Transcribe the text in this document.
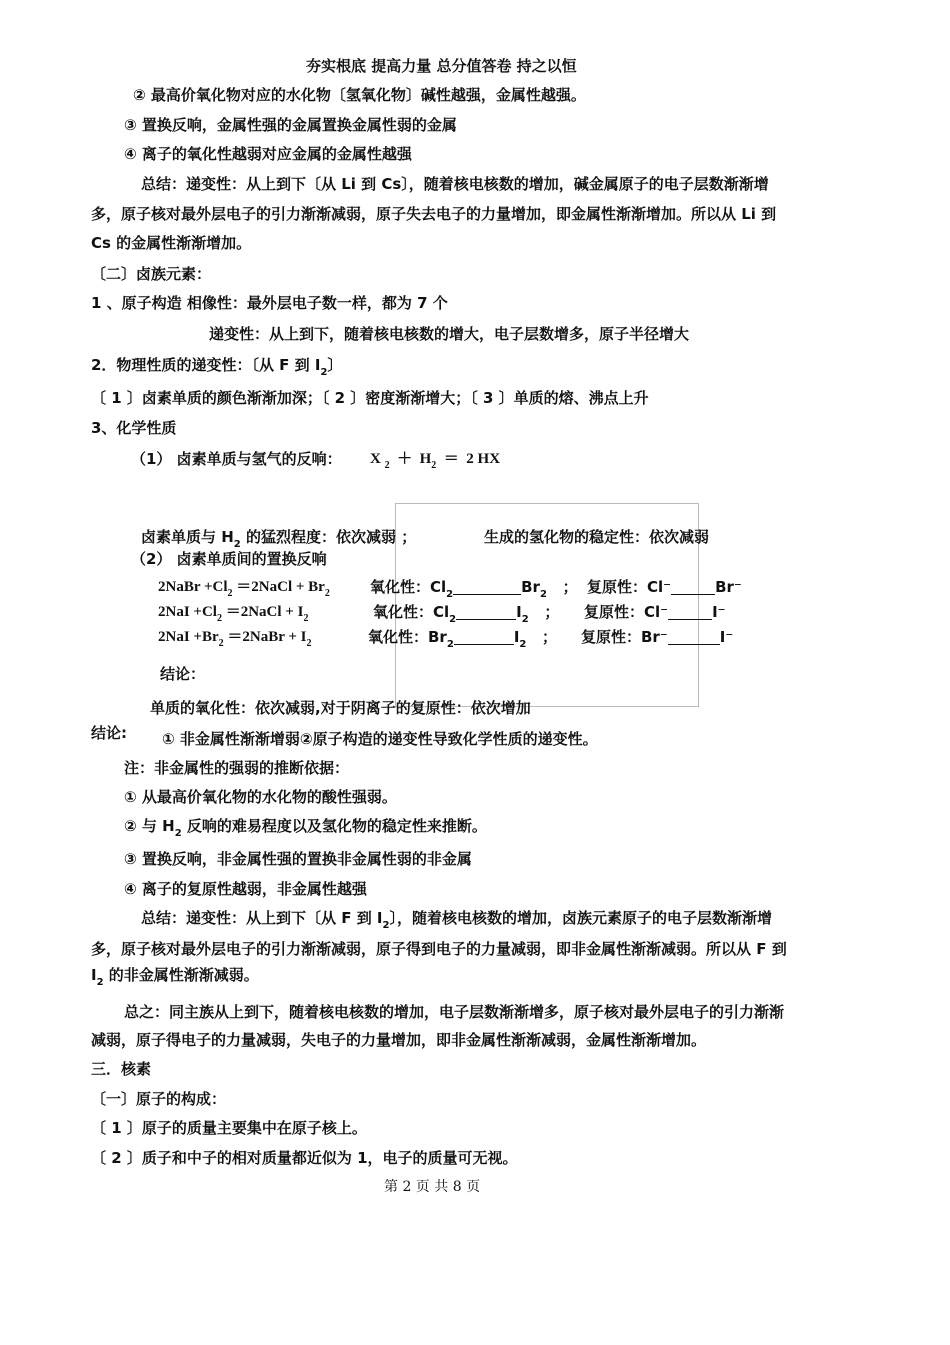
夯实根底 提高力量 总分值答卷 持之以恒
② 最高价氧化物对应的水化物〔氢氧化物〕碱性越强，金属性越强。
③ 置换反响，金属性强的金属置换金属性弱的金属
④ 离子的氧化性越弱对应金属的金属性越强
总结：递变性：从上到下〔从 Li 到 Cs〕，随着核电核数的增加，碱金属原子的电子层数渐渐增
多，原子核对最外层电子的引力渐渐减弱，原子失去电子的力量增加，即金属性渐渐增加。所以从 Li 到
Cs 的金属性渐渐增加。
〔二〕卤族元素：
1 、原子构造 相像性：最外层电子数一样，都为 7 个
递变性：从上到下，随着核电核数的增大，电子层数增多，原子半径增大
2．物理性质的递变性：〔从 F 到 $I_2$〕
〔 1 〕卤素单质的颜色渐渐加深；〔 2 〕密度渐渐增大；〔 3 〕单质的熔、沸点上升
3、化学性质
（1） 卤素单质与氢气的反响： X $_2 + H_2 = 2$ HX
卤素单质与 $H_2$ 的猛烈程度：依次减弱 ；	生成的氢化物的稳定性：依次减弱
（2） 卤素单质间的置换反响
2NaBr $+Cl_2$ ＝2NaCl + $Br_2$	氧化性：$Cl_2$	$Br_2$ ； 复原性：Cl⁻	Br⁻
$2NaI +Cl_2$ ＝2NaCl + $I_2$	氧化性：$Cl_2$	$I_2$ ； 复原性：Cl⁻	I⁻
$2NaI +Br_2$ ＝2NaBr + $I_2$	氧化性：$Br_2$	$I_2$ ； 复原性：Br⁻	I⁻
结论：
单质的氧化性：依次减弱,对于阴离子的复原性：依次增加
结论: ① 非金属性渐渐增弱②原子构造的递变性导致化学性质的递变性。
注：非金属性的强弱的推断依据：
① 从最高价氧化物的水化物的酸性强弱。
② 与 $H_2$ 反响的难易程度以及氢化物的稳定性来推断。
③ 置换反响，非金属性强的置换非金属性弱的非金属
④ 离子的复原性越弱，非金属性越强
总结：递变性：从上到下〔从 F 到 $I_2$〕，随着核电核数的增加，卤族元素原子的电子层数渐渐增
多，原子核对最外层电子的引力渐渐减弱，原子得到电子的力量减弱，即非金属性渐渐减弱。所以从 F 到
$I_2$ 的非金属性渐渐减弱。
总之：同主族从上到下，随着核电核数的增加，电子层数渐渐增多，原子核对最外层电子的引力渐渐
减弱，原子得电子的力量减弱，失电子的力量增加，即非金属性渐渐减弱，金属性渐渐增加。
三．核素
〔一〕原子的构成：
〔 1 〕原子的质量主要集中在原子核上。
〔 2 〕质子和中子的相对质量都近似为 1，电子的质量可无视。
第 2 页 共 8 页
